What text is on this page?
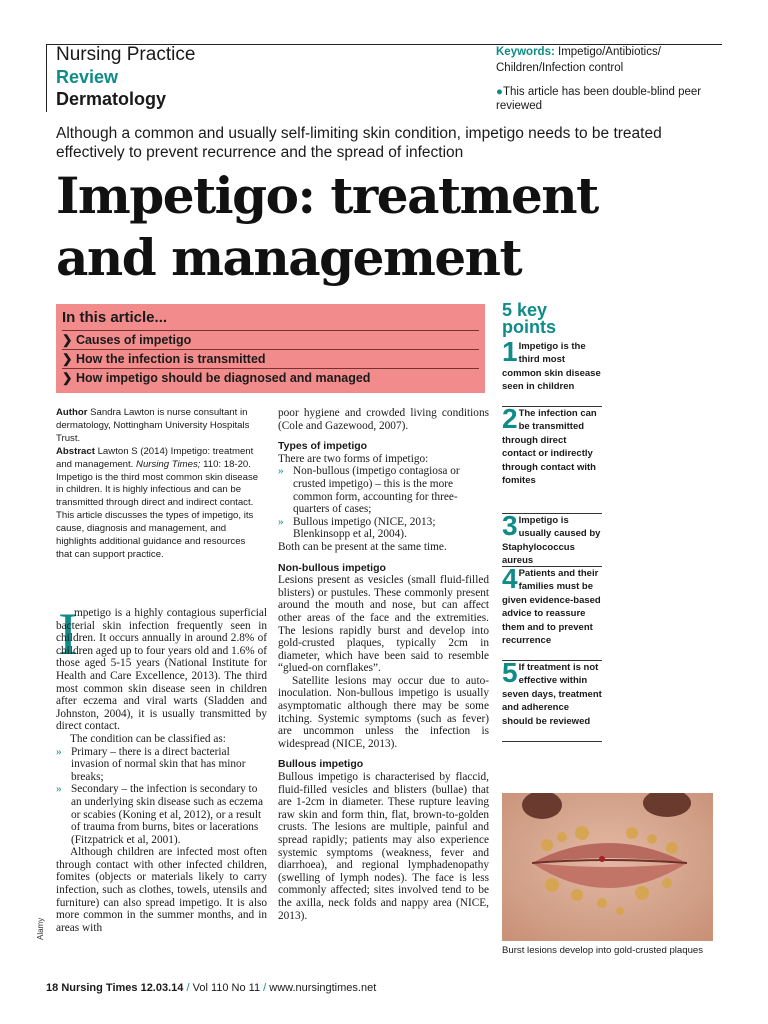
Nursing Practice
Review
Dermatology
Keywords: Impetigo/Antibiotics/ Children/Infection control
●This article has been double-blind peer reviewed
Although a common and usually self-limiting skin condition, impetigo needs to be treated effectively to prevent recurrence and the spread of infection
Impetigo: treatment and management
In this article...
❯ Causes of impetigo
❯ How the infection is transmitted
❯ How impetigo should be diagnosed and managed
5 key points
1 Impetigo is the third most common skin disease seen in children
2 The infection can be transmitted through direct contact or indirectly through contact with fomites
3 Impetigo is usually caused by Staphylococcus aureus
4 Patients and their families must be given evidence-based advice to reassure them and to prevent recurrence
5 If treatment is not effective within seven days, treatment and adherence should be reviewed
Author Sandra Lawton is nurse consultant in dermatology, Nottingham University Hospitals Trust.
Abstract Lawton S (2014) Impetigo: treatment and management. Nursing Times; 110: 18-20.
Impetigo is the third most common skin disease in children. It is highly infectious and can be transmitted through direct and indirect contact. This article discusses the types of impetigo, its cause, diagnosis and management, and highlights additional guidance and resources that can support practice.
I

mpetigo is a highly contagious superficial bacterial skin infection frequently seen in children. It occurs annually in around 2.8% of children aged up to four years old and 1.6% of those aged 5-15 years (National Institute for Health and Care Excellence, 2013). The third most common skin disease seen in children after eczema and viral warts (Sladden and Johnston, 2004), it is usually transmitted by direct contact.

The condition can be classified as:

» Primary – there is a direct bacterial invasion of normal skin that has minor breaks;

» Secondary – the infection is secondary to an underlying skin disease such as eczema or scabies (Koning et al, 2012), or a result of trauma from burns, bites or lacerations (Fitzpatrick et al, 2001).

Although children are infected most often through contact with other infected children, fomites (objects or materials likely to carry infection, such as clothes, towels, utensils and furniture) can also spread impetigo. It is also more common in the summer months, and in areas with

poor hygiene and crowded living conditions (Cole and Gazewood, 2007).

Types of impetigo

There are two forms of impetigo:

» Non-bullous (impetigo contagiosa or crusted impetigo) – this is the more common form, accounting for three-quarters of cases;

» Bullous impetigo (NICE, 2013; Blenkinsopp et al, 2004).

Both can be present at the same time.

Non-bullous impetigo

Lesions present as vesicles (small fluid-filled blisters) or pustules. These commonly present around the mouth and nose, but can affect other areas of the face and the extremities. The lesions rapidly burst and develop into gold-crusted plaques, typically 2cm in diameter, which have been said to resemble “glued-on cornflakes”.

Satellite lesions may occur due to auto-inoculation. Non-bullous impetigo is usually asymptomatic although there may be some itching. Systemic symptoms (such as fever) are uncommon unless the infection is widespread (NICE, 2013).

Bullous impetigo

Bullous impetigo is characterised by flaccid, fluid-filled vesicles and blisters (bullae) that are 1-2cm in diameter. These rupture leaving raw skin and form thin, flat, brown-to-golden crusts. The lesions are multiple, painful and spread rapidly; patients may also experience systemic symptoms (weakness, fever and diarrhoea), and regional lymphadenopathy (swelling of lymph nodes). The face is less commonly affected; sites involved tend to be the axilla, neck folds and nappy area (NICE, 2013).

Burst lesions develop into gold-crusted plaques
Alamy
18 Nursing Times 12.03.14 / Vol 110 No 11 / www.nursingtimes.net
